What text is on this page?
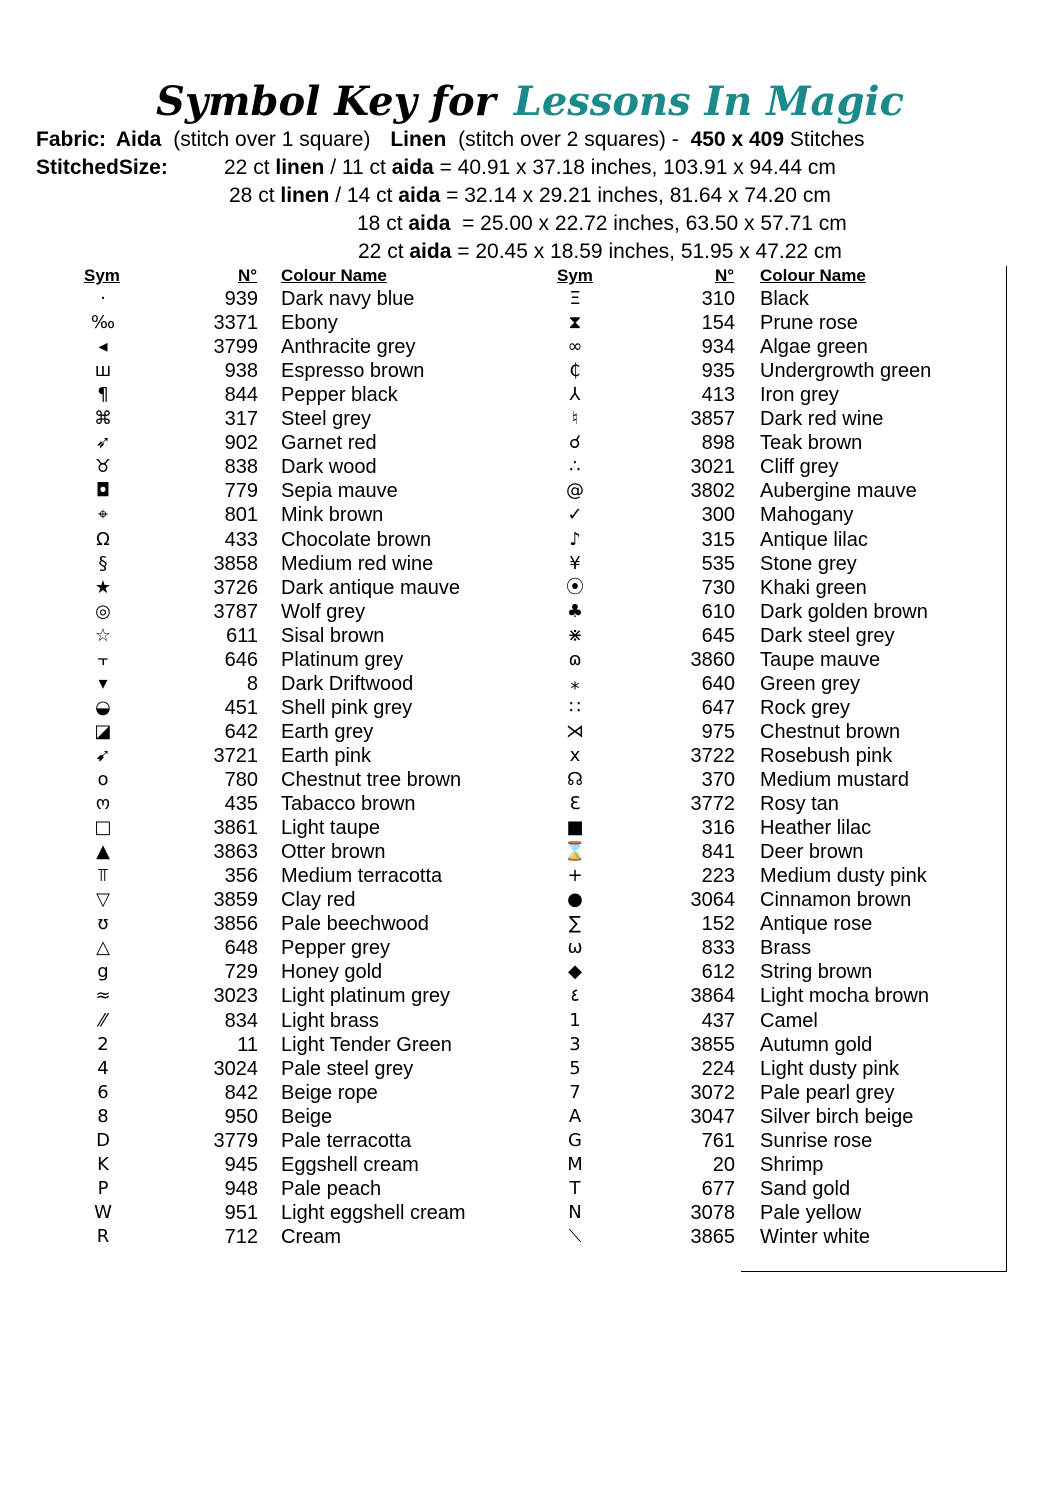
Symbol Key for Lessons In Magic
Fabric: Aida (stitch over 1 square) Linen (stitch over 2 squares) - 450 x 409 Stitches
StitchedSize:	22 ct linen / 11 ct aida = 40.91 x 37.18 inches, 103.91 x 94.44 cm
28 ct linen / 14 ct aida = 32.14 x 29.21 inches, 81.64 x 74.20 cm
18 ct aida  = 25.00 x 22.72 inches, 63.50 x 57.71 cm
22 ct aida = 20.45 x 18.59 inches, 51.95 x 47.22 cm
Sym	N° Colour Name	Sym	N° Colour Name
·	939 Dark navy blue	Ξ	310 Black
‰	3371 Ebony	⧗	154 Prune rose
◂	3799 Anthracite grey	∞	934 Algae green
ш	938 Espresso brown	₵	935 Undergrowth green
¶	844 Pepper black	⅄	413 Iron grey
⌘	317 Steel grey	♮	3857 Dark red wine
➶	902 Garnet red	☌	898 Teak brown
♉	838 Dark wood	∴	3021 Cliff grey
◘	779 Sepia mauve	@	3802 Aubergine mauve
⌖	801 Mink brown	✓	300 Mahogany
Ω	433 Chocolate brown	♪	315 Antique lilac
§	3858 Medium red wine	¥	535 Stone grey
★	3726 Dark antique mauve	⦿	730 Khaki green
◎	3787 Wolf grey	♣	610 Dark golden brown
☆	611 Sisal brown	⋇	645 Dark steel grey
⫟	646 Platinum grey	ɷ	3860 Taupe mauve
▾	8 Dark Driftwood	⁎	640 Green grey
◒	451 Shell pink grey	∷	647 Rock grey
◪	642 Earth grey	⋊	975 Chestnut brown
➹	3721 Earth pink	x	3722 Rosebush pink
o	780 Chestnut tree brown	☊	370 Medium mustard
ო	435 Tabacco brown	Ɛ	3772 Rosy tan
□	3861 Light taupe	■	316 Heather lilac
▲	3863 Otter brown	⌛	841 Deer brown
⫪	356 Medium terracotta	+	223 Medium dusty pink
▽	3859 Clay red	●	3064 Cinnamon brown
ʊ	3856 Pale beechwood	∑	152 Antique rose
△	648 Pepper grey	ω	833 Brass
g	729 Honey gold	◆	612 String brown
≈	3023 Light platinum grey	٤	3864 Light mocha brown
⁄⁄	834 Light brass	1	437 Camel
2	11 Light Tender Green	3	3855 Autumn gold
4	3024 Pale steel grey	5	224 Light dusty pink
6	842 Beige rope	7	3072 Pale pearl grey
8	950 Beige	A	3047 Silver birch beige
D	3779 Pale terracotta	G	761 Sunrise rose
K	945 Eggshell cream	M	20 Shrimp
P	948 Pale peach	T	677 Sand gold
W	951 Light eggshell cream	N	3078 Pale yellow
R	712 Cream	⟍	3865 Winter white
